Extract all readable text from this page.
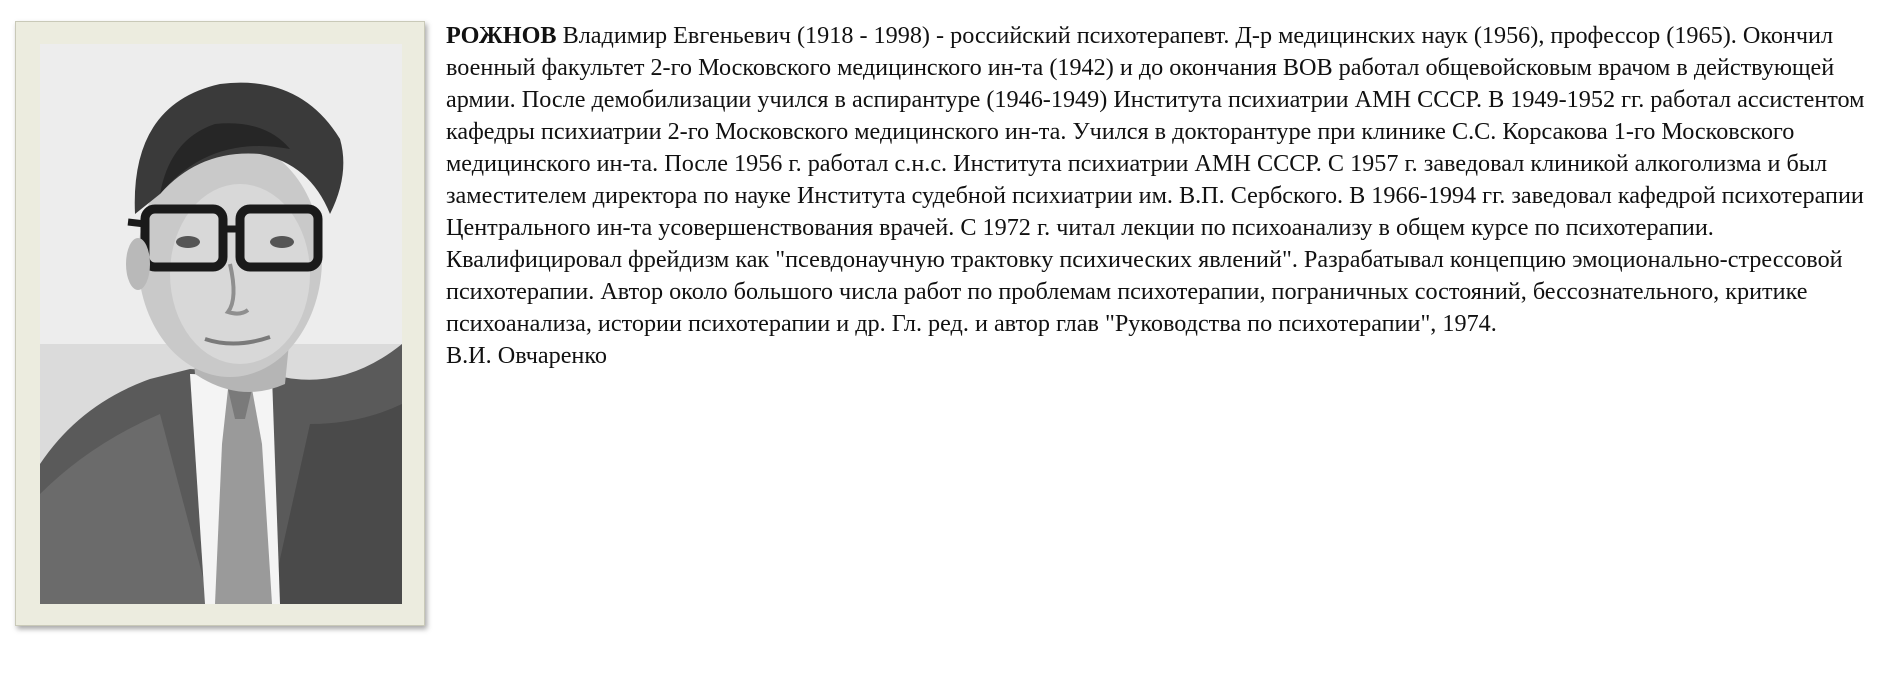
РОЖНОВ Владимир Евгеньевич (1918 - 1998) - российский психотерапевт. Д-р медицинских наук (1956), профессор (1965). Окончил военный факультет 2-го Московского медицинского ин-та (1942) и до окончания ВОВ работал общевойсковым врачом в действующей армии. После демобилизации учился в аспирантуре (1946-1949) Института психиатрии АМН СССР. В 1949-1952 гг. работал ассистентом кафедры психиатрии 2-го Московского медицинского ин-та. Учился в докторантуре при клинике С.С. Корсакова 1-го Московского медицинского ин-та. После 1956 г. работал с.н.с. Института психиатрии АМН СССР. С 1957 г. заведовал клиникой алкоголизма и был заместителем директора по науке Института судебной психиатрии им. В.П. Сербского. В 1966-1994 гг. заведовал кафедрой психотерапии Центрального ин-та усовершенствования врачей. С 1972 г. читал лекции по психоанализу в общем курсе по психотерапии. Квалифицировал фрейдизм как "псевдонаучную трактовку психических явлений". Разрабатывал концепцию эмоционально-стрессовой психотерапии. Автор около большого числа работ по проблемам психотерапии, пограничных состояний, бессознательного, критике психоанализа, истории психотерапии и др. Гл. ред. и автор глав "Руководства по психотерапии", 1974.
В.И. Овчаренко
